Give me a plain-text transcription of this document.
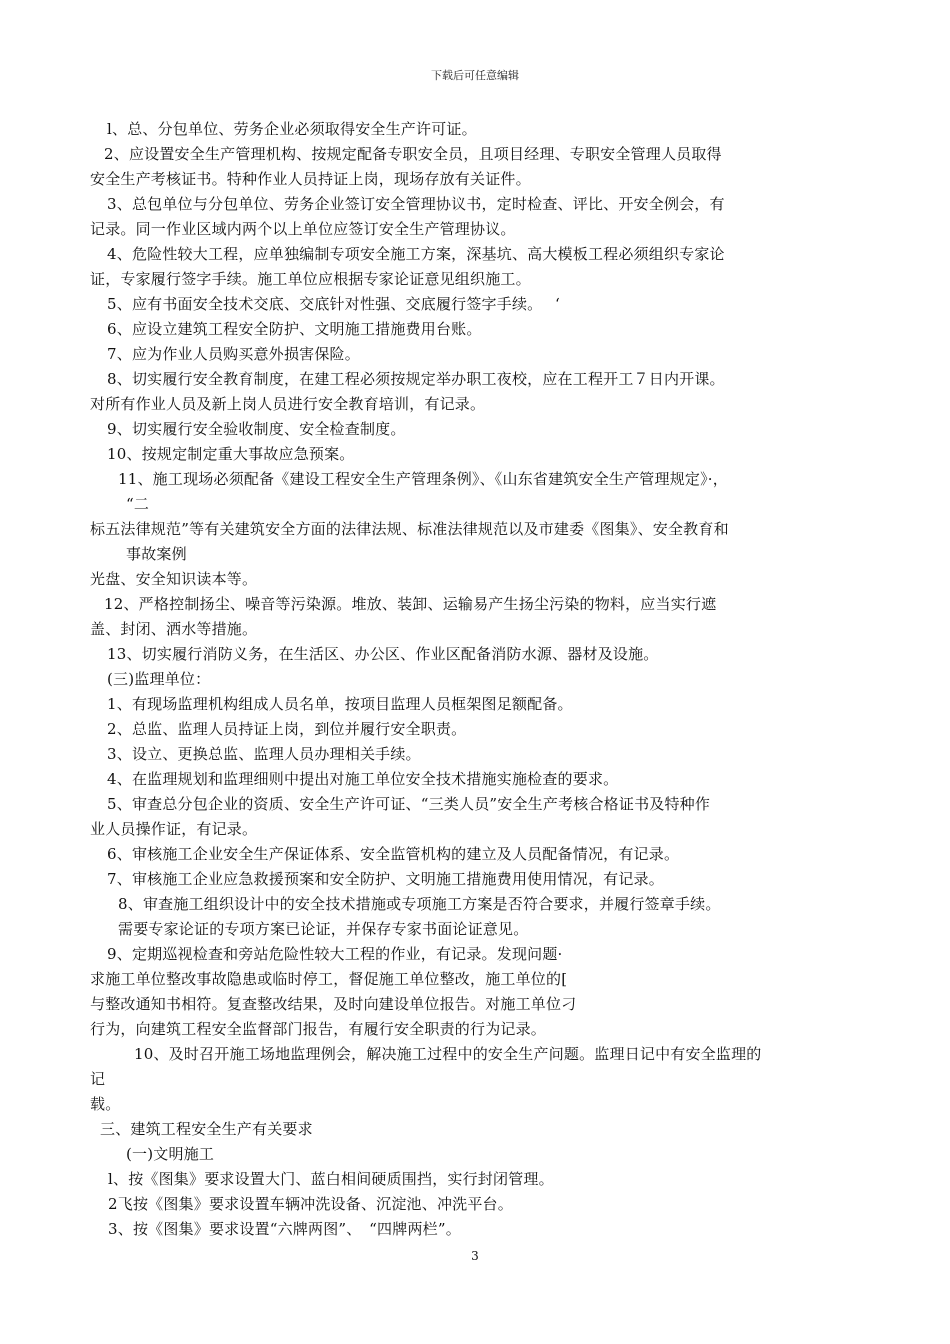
下载后可任意编辑
l、总、分包单位、劳务企业必须取得安全生产许可证。
2、应设置安全生产管理机构、按规定配备专职安全员，且项目经理、专职安全管理人员取得
安全生产考核证书。特种作业人员持证上岗，现场存放有关证件。
3、总包单位与分包单位、劳务企业签订安全管理协议书，定时检查、评比、开安全例会，有
记录。同一作业区域内两个以上单位应签订安全生产管理协议。
4、危险性较大工程，应单独编制专项安全施工方案，深基坑、高大模板工程必须组织专家论
证，专家履行签字手续。施工单位应根据专家论证意见组织施工。
5、应有书面安全技术交底、交底针对性强、交底履行签字手续。　 ‘
6、应设立建筑工程安全防护、文明施工措施费用台账。
7、应为作业人员购买意外损害保险。
8、切实履行安全教育制度，在建工程必须按规定举办职工夜校，应在工程开工７日内开课。
对所有作业人员及新上岗人员进行安全教育培训，有记录。
9、切实履行安全验收制度、安全检查制度。
10、按规定制定重大事故应急预案。
11、施工现场必须配备《建设工程安全生产管理条例》、《山东省建筑安全生产管理规定》·，
“二
标五法律规范”等有关建筑安全方面的法律法规、标准法律规范以及市建委《图集》、安全教育和
事故案例
光盘、安全知识读本等。
12、严格控制扬尘、噪音等污染源。堆放、装卸、运输易产生扬尘污染的物料，应当实行遮
盖、封闭、洒水等措施。
13、切实履行消防义务，在生活区、办公区、作业区配备消防水源、器材及设施。
(三)监理单位：
1、有现场监理机构组成人员名单，按项目监理人员框架图足额配备。
2、总监、监理人员持证上岗，到位并履行安全职责。
3、设立、更换总监、监理人员办理相关手续。
4、在监理规划和监理细则中提出对施工单位安全技术措施实施检查的要求。
5、审查总分包企业的资质、安全生产许可证、“三类人员”安全生产考核合格证书及特种作
业人员操作证，有记录。
6、审核施工企业安全生产保证体系、安全监管机构的建立及人员配备情况，有记录。
7、审核施工企业应急救援预案和安全防护、文明施工措施费用使用情况，有记录。
8、审查施工组织设计中的安全技术措施或专项施工方案是否符合要求，并履行签章手续。
需要专家论证的专项方案已论证，并保存专家书面论证意见。
9、定期巡视检查和旁站危险性较大工程的作业，有记录。发现问题·
求施工单位整改事故隐患或临时停工，督促施工单位整改，施工单位的[
与整改通知书相符。复查整改结果，及时向建设单位报告。对施工单位刁
行为，向建筑工程安全监督部门报告，有履行安全职责的行为记录。
10、及时召开施工场地监理例会，解决施工过程中的安全生产问题。监理日记中有安全监理的
记
载。
三、建筑工程安全生产有关要求
(一)文明施工
l、按《图集》要求设置大门、蓝白相间硬质围挡，实行封闭管理。
2飞按《图集》要求设置车辆冲洗设备、沉淀池、冲洗平台。
3、按《图集》要求设置“六牌两图”、　“四牌两栏”。
3
